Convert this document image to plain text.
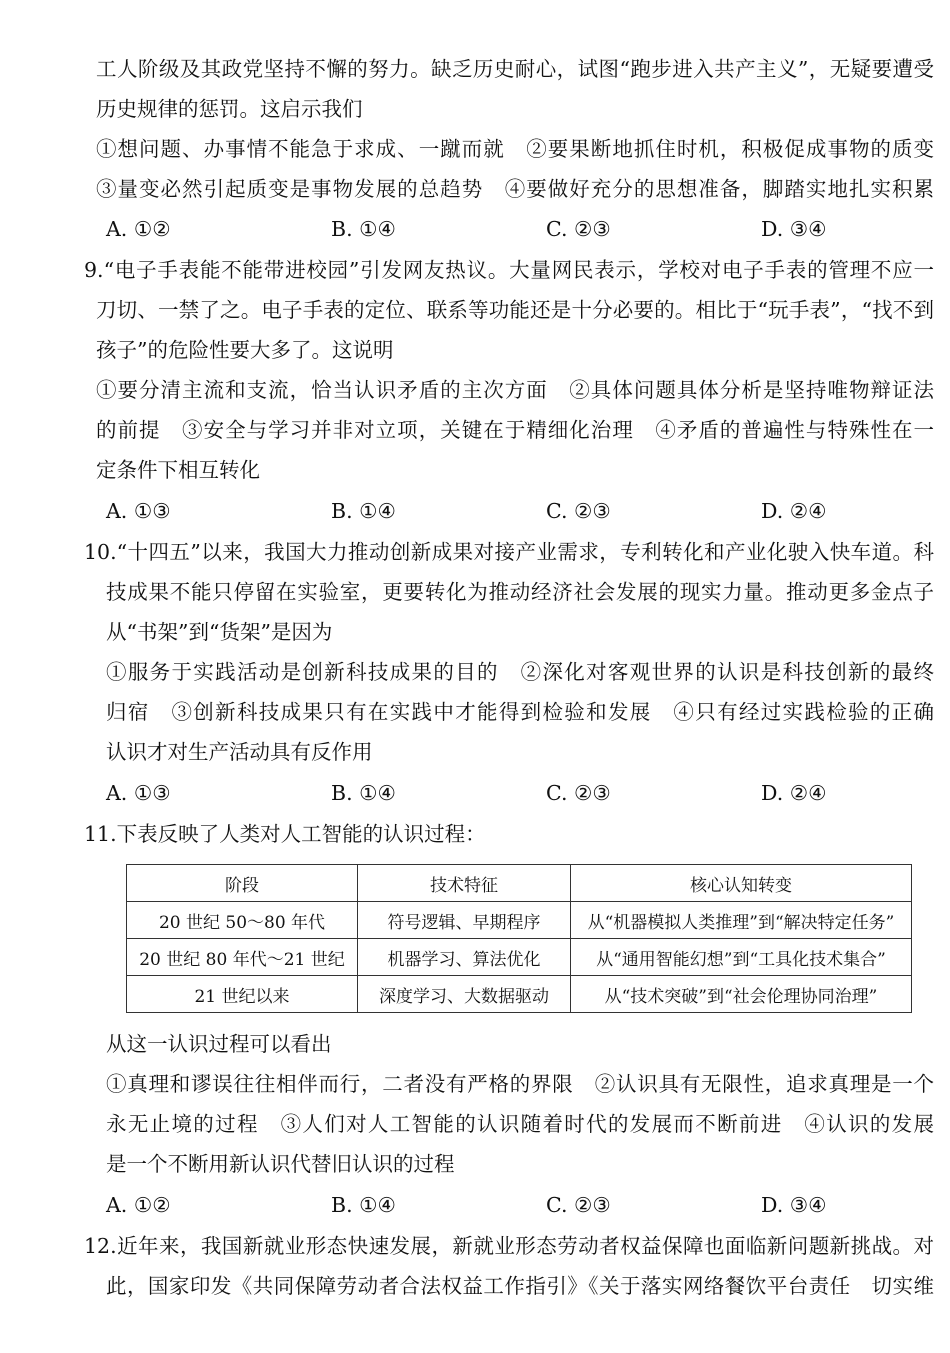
工人阶级及其政党坚持不懈的努力。缺乏历史耐心，试图“跑步进入共产主义”，无疑要遭受
历史规律的惩罚。这启示我们
①想问题、办事情不能急于求成、一蹴而就　②要果断地抓住时机，积极促成事物的质变
③量变必然引起质变是事物发展的总趋势　④要做好充分的思想准备，脚踏实地扎实积累
A. ①②	B. ①④	C. ②③	D. ③④
9.“电子手表能不能带进校园”引发网友热议。大量网民表示，学校对电子手表的管理不应一
刀切、一禁了之。电子手表的定位、联系等功能还是十分必要的。相比于“玩手表”，“找不到
孩子”的危险性要大多了。这说明
①要分清主流和支流，恰当认识矛盾的主次方面　②具体问题具体分析是坚持唯物辩证法
的前提　③安全与学习并非对立项，关键在于精细化治理　④矛盾的普遍性与特殊性在一
定条件下相互转化
A. ①③	B. ①④	C. ②③	D. ②④
10.“十四五”以来，我国大力推动创新成果对接产业需求，专利转化和产业化驶入快车道。科
技成果不能只停留在实验室，更要转化为推动经济社会发展的现实力量。推动更多金点子
从“书架”到“货架”是因为
①服务于实践活动是创新科技成果的目的　②深化对客观世界的认识是科技创新的最终
归宿　③创新科技成果只有在实践中才能得到检验和发展　④只有经过实践检验的正确
认识才对生产活动具有反作用
A. ①③	B. ①④	C. ②③	D. ②④
11.下表反映了人类对人工智能的认识过程：
阶段	技术特征	核心认知转变
20 世纪 50～80 年代	符号逻辑、早期程序	从“机器模拟人类推理”到“解决特定任务”
20 世纪 80 年代～21 世纪	机器学习、算法优化	从“通用智能幻想”到“工具化技术集合”
21 世纪以来	深度学习、大数据驱动	从“技术突破”到“社会伦理协同治理”
从这一认识过程可以看出
①真理和谬误往往相伴而行，二者没有严格的界限　②认识具有无限性，追求真理是一个
永无止境的过程　③人们对人工智能的认识随着时代的发展而不断前进　④认识的发展
是一个不断用新认识代替旧认识的过程
A. ①②	B. ①④	C. ②③	D. ③④
12.近年来，我国新就业形态快速发展，新就业形态劳动者权益保障也面临新问题新挑战。对
此，国家印发《共同保障劳动者合法权益工作指引》《关于落实网络餐饮平台责任　切实维
